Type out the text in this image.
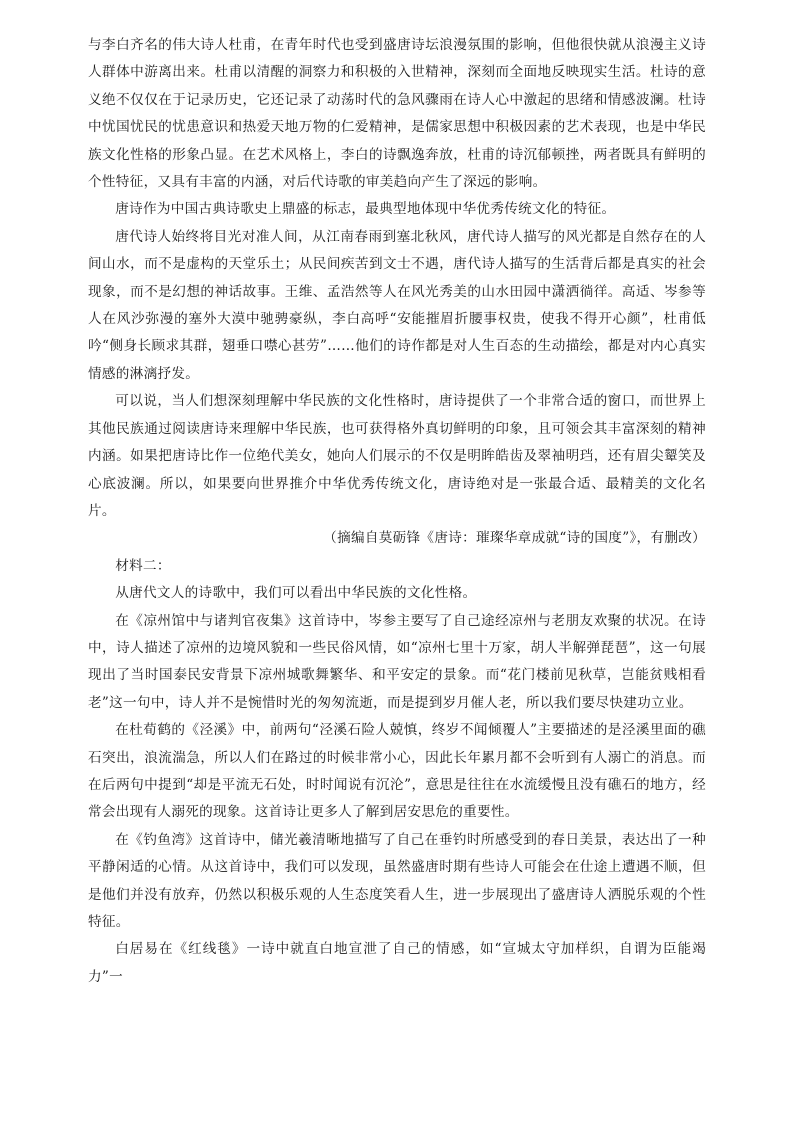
与李白齐名的伟大诗人杜甫，在青年时代也受到盛唐诗坛浪漫氛围的影响，但他很快就从浪漫主义诗人群体中游离出来。杜甫以清醒的洞察力和积极的入世精神，深刻而全面地反映现实生活。杜诗的意义绝不仅仅在于记录历史，它还记录了动荡时代的急风骤雨在诗人心中激起的思绪和情感波澜。杜诗中忧国忧民的忧患意识和热爱天地万物的仁爱精神，是儒家思想中积极因素的艺术表现，也是中华民族文化性格的形象凸显。在艺术风格上，李白的诗飘逸奔放，杜甫的诗沉郁顿挫，两者既具有鲜明的个性特征，又具有丰富的内涵，对后代诗歌的审美趋向产生了深远的影响。

唐诗作为中国古典诗歌史上鼎盛的标志，最典型地体现中华优秀传统文化的特征。

唐代诗人始终将目光对准人间，从江南春雨到塞北秋风，唐代诗人描写的风光都是自然存在的人间山水，而不是虚构的天堂乐土；从民间疾苦到文士不遇，唐代诗人描写的生活背后都是真实的社会现象，而不是幻想的神话故事。王维、孟浩然等人在风光秀美的山水田园中潇洒徜徉。高适、岑参等人在风沙弥漫的塞外大漠中驰骋豪纵，李白高呼“安能摧眉折腰事权贵，使我不得开心颜”，杜甫低吟“侧身长顾求其群，翅垂口噤心甚劳”……他们的诗作都是对人生百态的生动描绘，都是对内心真实情感的淋漓抒发。

可以说，当人们想深刻理解中华民族的文化性格时，唐诗提供了一个非常合适的窗口，而世界上其他民族通过阅读唐诗来理解中华民族，也可获得格外真切鲜明的印象，且可领会其丰富深刻的精神内涵。如果把唐诗比作一位绝代美女，她向人们展示的不仅是明眸皓齿及翠袖明珰，还有眉尖颦笑及心底波澜。所以，如果要向世界推介中华优秀传统文化，唐诗绝对是一张最合适、最精美的文化名片。

（摘编自莫砺锋《唐诗：璀璨华章成就“诗的国度”》，有删改）

材料二：

从唐代文人的诗歌中，我们可以看出中华民族的文化性格。

在《凉州馆中与诸判官夜集》这首诗中，岑参主要写了自己途经凉州与老朋友欢聚的状况。在诗中，诗人描述了凉州的边境风貌和一些民俗风情，如“凉州七里十万家，胡人半解弹琵琶”，这一句展现出了当时国泰民安背景下凉州城歌舞繁华、和平安定的景象。而“花门楼前见秋草，岂能贫贱相看老”这一句中，诗人并不是惋惜时光的匆匆流逝，而是提到岁月催人老，所以我们要尽快建功立业。

在杜荀鹤的《泾溪》中，前两句“泾溪石险人兢慎，终岁不闻倾覆人”主要描述的是泾溪里面的礁石突出，浪流湍急，所以人们在路过的时候非常小心，因此长年累月都不会听到有人溺亡的消息。而在后两句中提到“却是平流无石处，时时闻说有沉沦”，意思是往往在水流缓慢且没有礁石的地方，经常会出现有人溺死的现象。这首诗让更多人了解到居安思危的重要性。

在《钓鱼湾》这首诗中，储光羲清晰地描写了自己在垂钓时所感受到的春日美景，表达出了一种平静闲适的心情。从这首诗中，我们可以发现，虽然盛唐时期有些诗人可能会在仕途上遭遇不顺，但是他们并没有放弃，仍然以积极乐观的人生态度笑看人生，进一步展现出了盛唐诗人洒脱乐观的个性特征。

白居易在《红线毯》一诗中就直白地宣泄了自己的情感，如“宣城太守加样织，自谓为臣能竭力”一
